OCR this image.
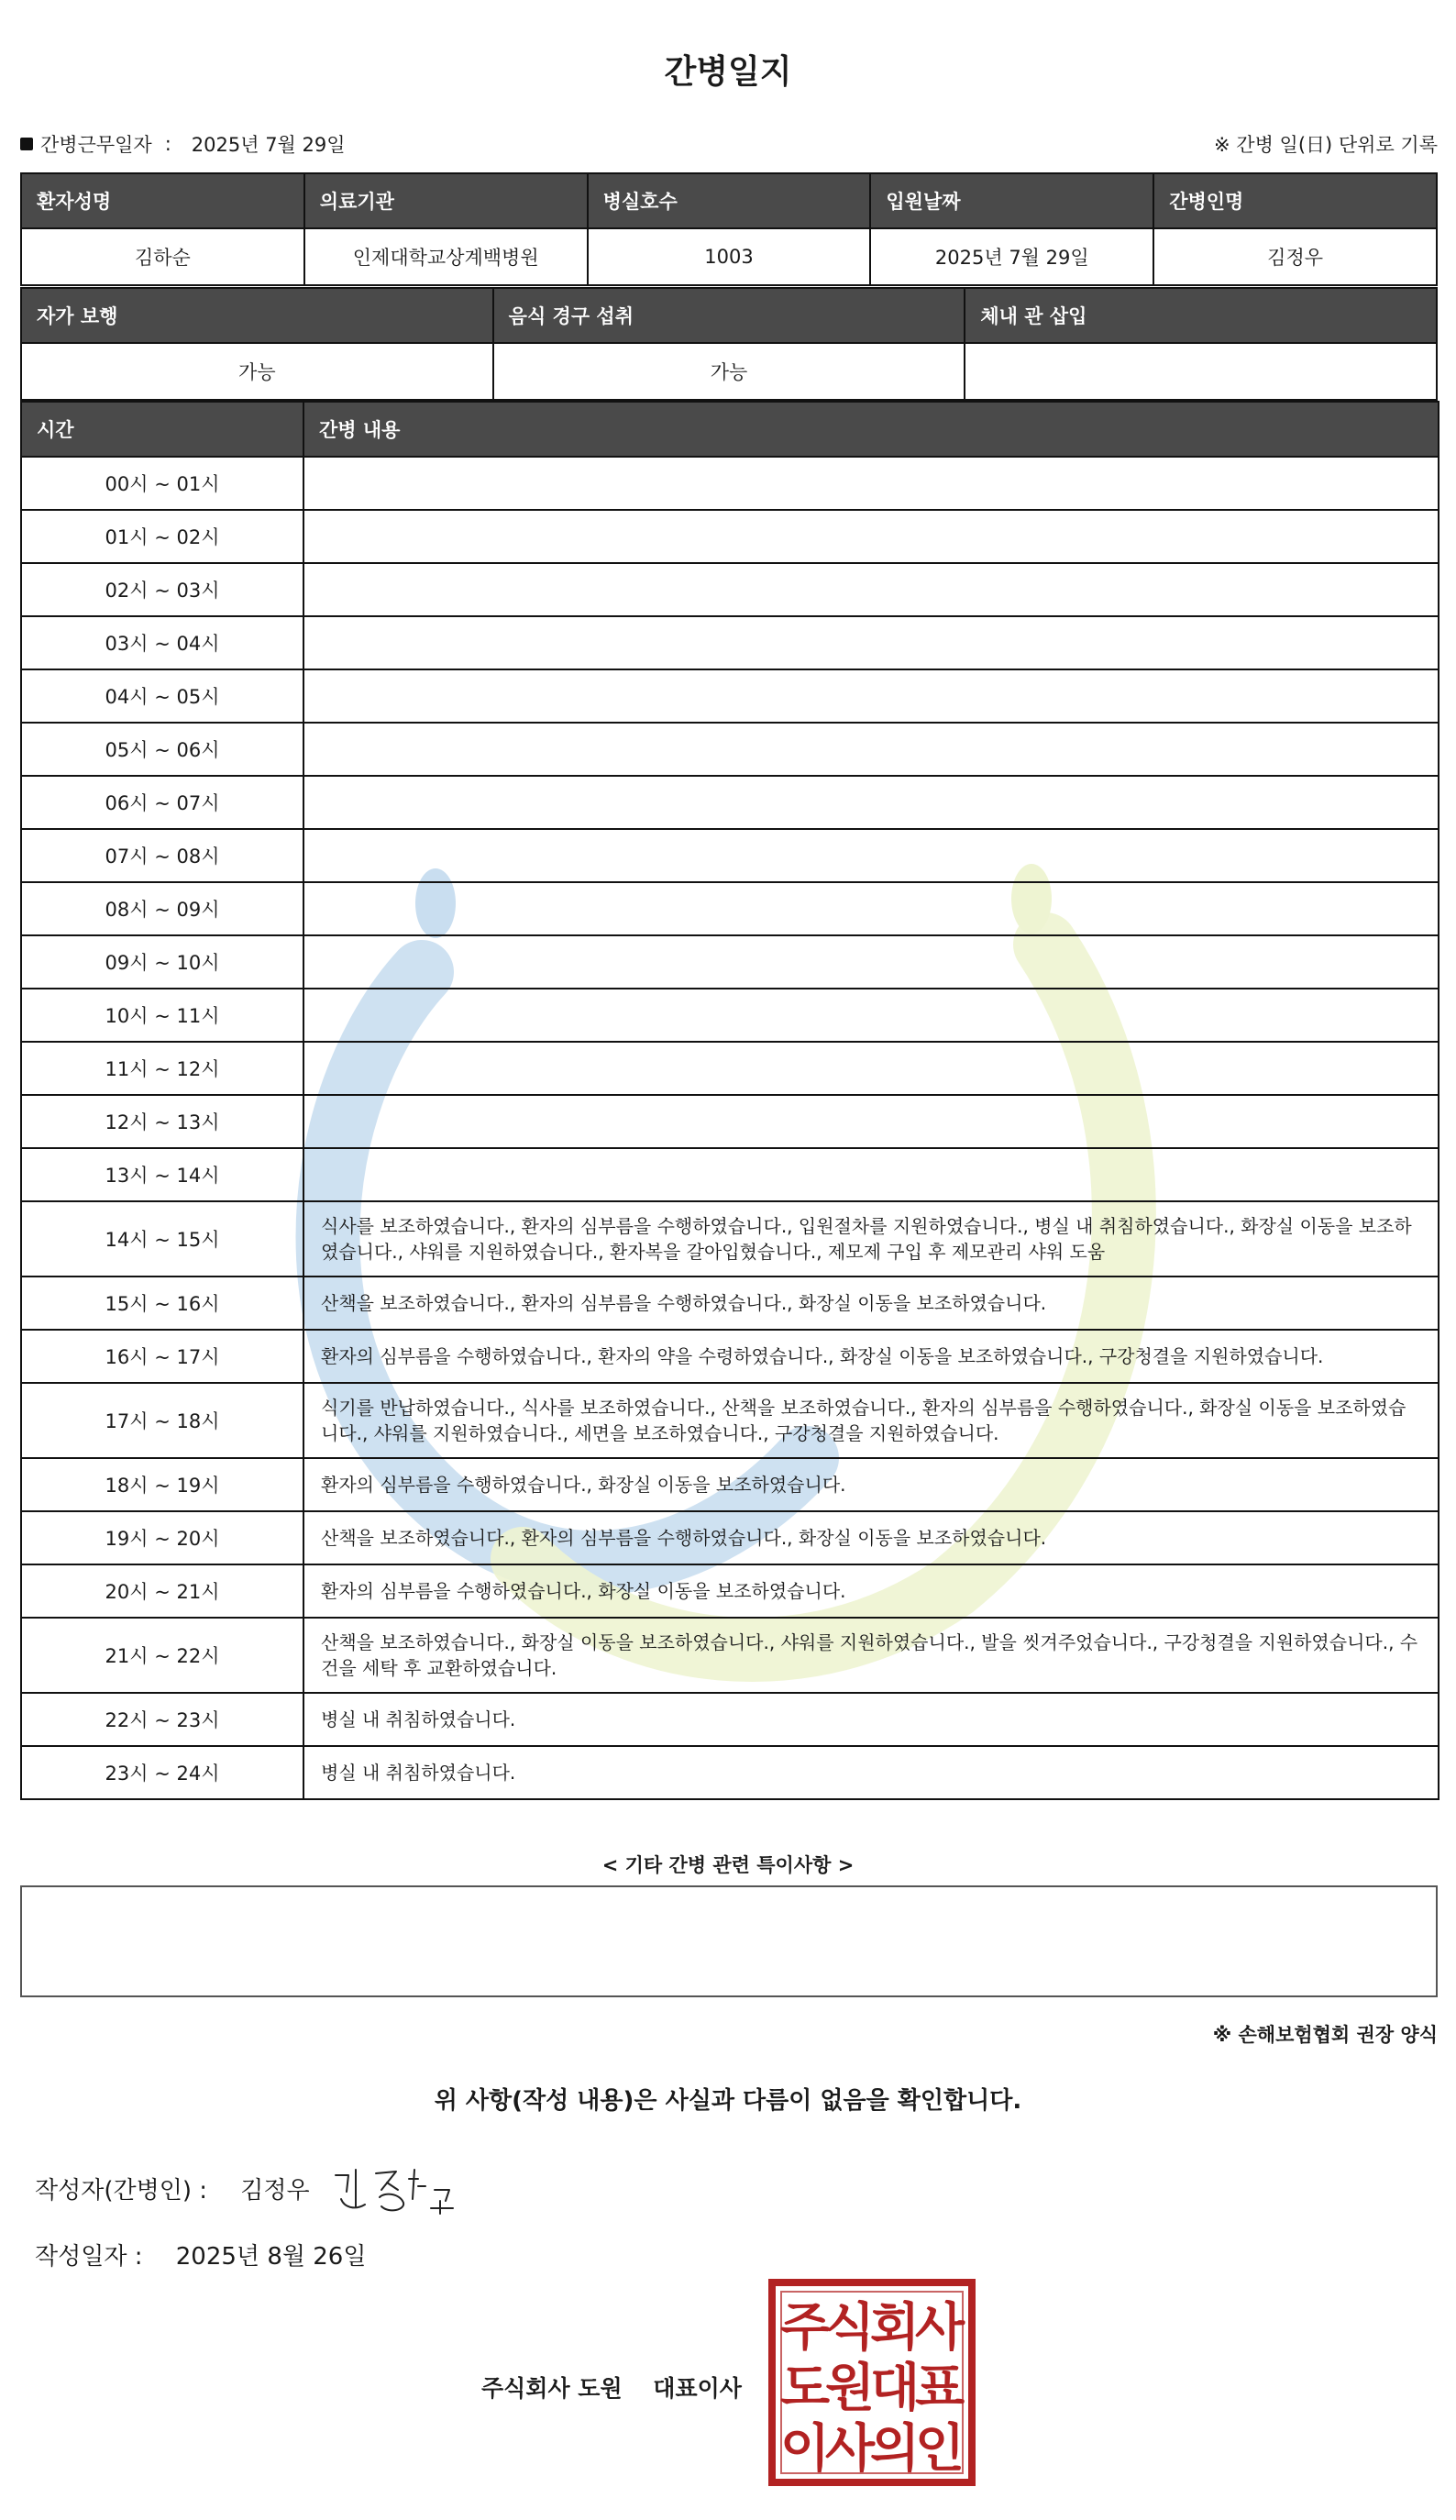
간병일지
간병근무일자 : 2025년 7월 29일	※ 간병 일(日) 단위로 기록
환자성명	의료기관	병실호수	입원날짜	간병인명
김하순	인제대학교상계백병원	1003	2025년 7월 29일	김정우
자가 보행	음식 경구 섭취	체내 관 삽입
가능	가능	
시간	간병 내용
00시 ~ 01시	
01시 ~ 02시	
02시 ~ 03시	
03시 ~ 04시	
04시 ~ 05시	
05시 ~ 06시	
06시 ~ 07시	
07시 ~ 08시	
08시 ~ 09시	
09시 ~ 10시	
10시 ~ 11시	
11시 ~ 12시	
12시 ~ 13시	
13시 ~ 14시	
14시 ~ 15시	식사를 보조하였습니다., 환자의 심부름을 수행하였습니다., 입원절차를 지원하였습니다., 병실 내 취침하였습니다., 화장실 이동을 보조하였습니다., 샤워를 지원하였습니다., 환자복을 갈아입혔습니다., 제모제 구입 후 제모관리 샤워 도움
15시 ~ 16시	산책을 보조하였습니다., 환자의 심부름을 수행하였습니다., 화장실 이동을 보조하였습니다.
16시 ~ 17시	환자의 심부름을 수행하였습니다., 환자의 약을 수령하였습니다., 화장실 이동을 보조하였습니다., 구강청결을 지원하였습니다.
17시 ~ 18시	식기를 반납하였습니다., 식사를 보조하였습니다., 산책을 보조하였습니다., 환자의 심부름을 수행하였습니다., 화장실 이동을 보조하였습니다., 샤워를 지원하였습니다., 세면을 보조하였습니다., 구강청결을 지원하였습니다.
18시 ~ 19시	환자의 심부름을 수행하였습니다., 화장실 이동을 보조하였습니다.
19시 ~ 20시	산책을 보조하였습니다., 환자의 심부름을 수행하였습니다., 화장실 이동을 보조하였습니다.
20시 ~ 21시	환자의 심부름을 수행하였습니다., 화장실 이동을 보조하였습니다.
21시 ~ 22시	산책을 보조하였습니다., 화장실 이동을 보조하였습니다., 샤워를 지원하였습니다., 발을 씻겨주었습니다., 구강청결을 지원하였습니다., 수건을 세탁 후 교환하였습니다.
22시 ~ 23시	병실 내 취침하였습니다.
23시 ~ 24시	병실 내 취침하였습니다.
< 기타 간병 관련 특이사항 >
※ 손해보험협회 권장 양식
위 사항(작성 내용)은 사실과 다름이 없음을 확인합니다.
작성자(간병인) : 김정우
작성일자 : 2025년 8월 26일
주식회사 도원　 대표이사
주
식
회
사
도
원
대
표
이
사
의
인
